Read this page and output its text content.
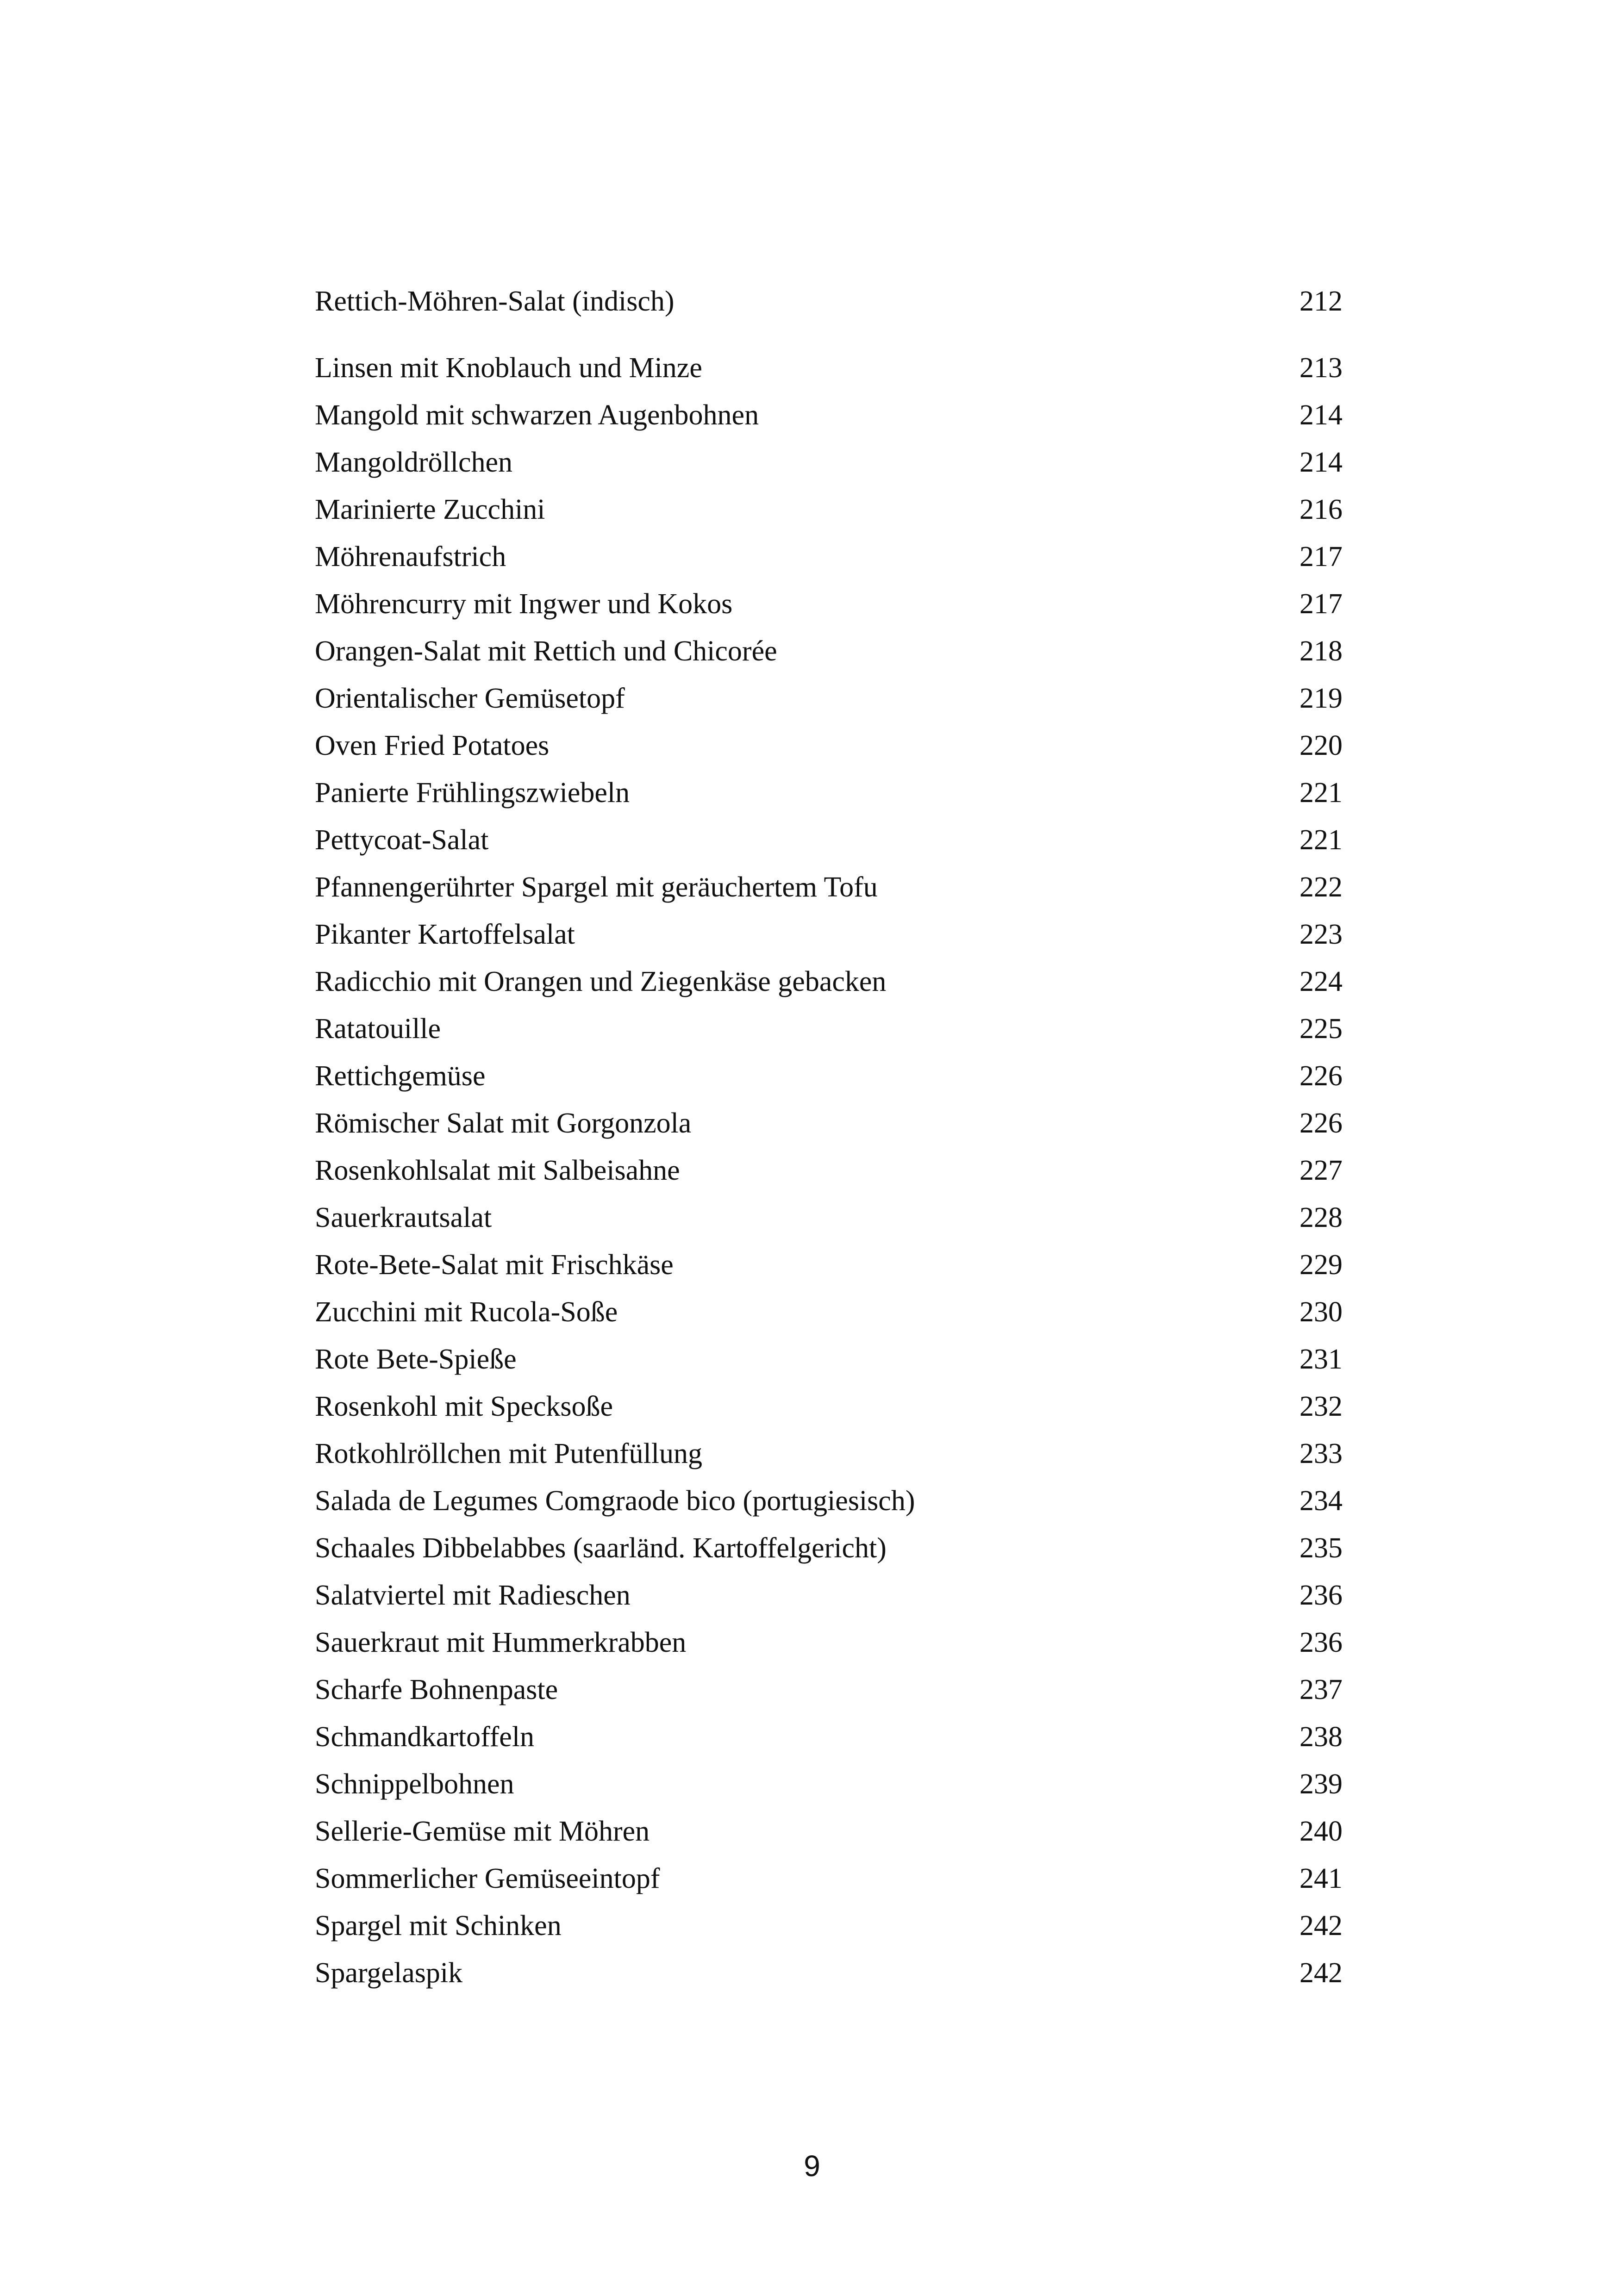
Rettich-Möhren-Salat (indisch)	212
Linsen mit Knoblauch und Minze	213
Mangold mit schwarzen Augenbohnen	214
Mangoldröllchen	214
Marinierte Zucchini	216
Möhrenaufstrich	217
Möhrencurry mit Ingwer und Kokos	217
Orangen-Salat mit Rettich und Chicorée	218
Orientalischer Gemüsetopf	219
Oven Fried Potatoes	220
Panierte Frühlingszwiebeln	221
Pettycoat-Salat	221
Pfannengerührter Spargel mit geräuchertem Tofu	222
Pikanter Kartoffelsalat	223
Radicchio mit Orangen und Ziegenkäse gebacken	224
Ratatouille	225
Rettichgemüse	226
Römischer Salat mit Gorgonzola	226
Rosenkohlsalat mit Salbeisahne	227
Sauerkrautsalat	228
Rote-Bete-Salat mit Frischkäse	229
Zucchini mit Rucola-Soße	230
Rote Bete-Spieße	231
Rosenkohl mit Specksoße	232
Rotkohlröllchen mit Putenfüllung	233
Salada de Legumes Comgraode bico (portugiesisch)	234
Schaales Dibbelabbes (saarländ. Kartoffelgericht)	235
Salatviertel mit Radieschen	236
Sauerkraut mit Hummerkrabben	236
Scharfe Bohnenpaste	237
Schmandkartoffeln	238
Schnippelbohnen	239
Sellerie-Gemüse mit Möhren	240
Sommerlicher Gemüseeintopf	241
Spargel mit Schinken	242
Spargelaspik	242
9
